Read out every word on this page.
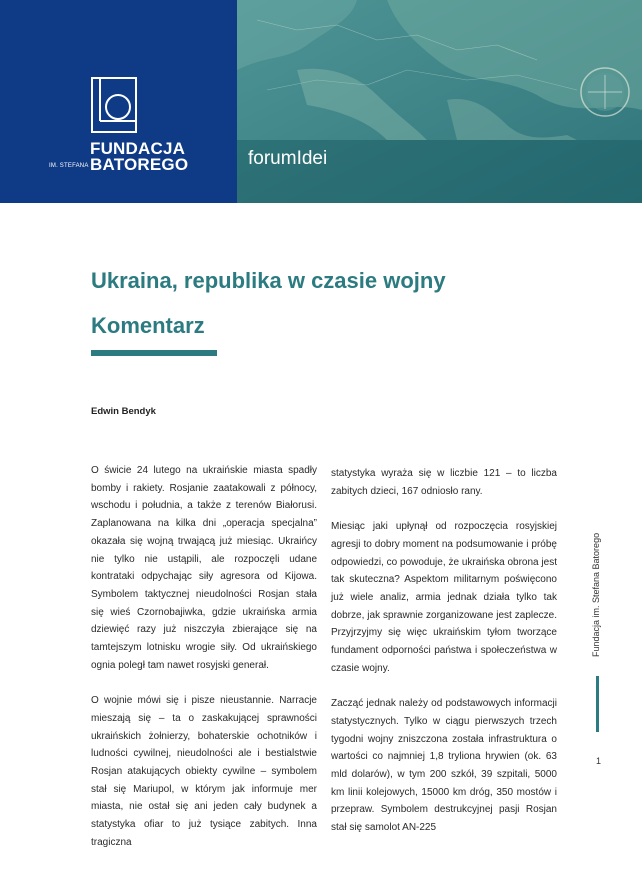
IM. STEFANA
FUNDACJA
BATOREGO	forumIdei
Ukraina, republika w czasie wojny
Komentarz
Edwin Bendyk

O świcie 24 lutego na ukraińskie miasta spadły bomby i rakiety. Rosjanie zaatakowali z północy, wschodu i południa, a także z terenów Białorusi. Zaplanowana na kilka dni „operacja specjalna” okazała się wojną trwającą już miesiąc. Ukraińcy nie tylko nie ustąpili, ale rozpoczęli udane kontrataki odpychając siły agresora od Kijowa. Symbolem taktycznej nieudolności Rosjan stała się wieś Czornobajiwka, gdzie ukraińska armia dziewięć razy już niszczyła zbierające się na tamtejszym lotnisku wrogie siły. Od ukraińskiego ognia poległ tam nawet rosyjski generał.

O wojnie mówi się i pisze nieustannie. Narracje mieszają się – ta o zaskakującej sprawności ukraińskich żołnierzy, bohaterskie ochotników i ludności cywilnej, nieudolności ale i bestialstwie Rosjan atakujących obiekty cywilne – symbolem stał się Mariupol, w którym jak informuje mer miasta, nie ostał się ani jeden cały budynek a statystyka ofiar to już tysiące zabitych. Inna tragiczna

statystyka wyraża się w liczbie 121 – to liczba zabitych dzieci, 167 odniosło rany.

Miesiąc jaki upłynął od rozpoczęcia rosyjskiej agresji to dobry moment na podsumowanie i próbę odpowiedzi, co powoduje, że ukraińska obrona jest tak skuteczna? Aspektom militarnym poświęcono już wiele analiz, armia jednak działa tylko tak dobrze, jak sprawnie zorganizowane jest zaplecze. Przyjrzyjmy się więc ukraińskim tyłom tworzące fundament odporności państwa i społeczeństwa w czasie wojny.

Zacząć jednak należy od podstawowych informacji statystycznych. Tylko w ciągu pierwszych trzech tygodni wojny zniszczona została infrastruktura o wartości co najmniej 1,8 tryliona hrywien (ok. 63 mld dolarów), w tym 200 szkół, 39 szpitali, 5000 km linii kolejowych, 15000 km dróg, 350 mostów i przepraw. Symbolem destrukcyjnej pasji Rosjan stał się samolot AN-225

Fundacja im. Stefana Batorego
1
